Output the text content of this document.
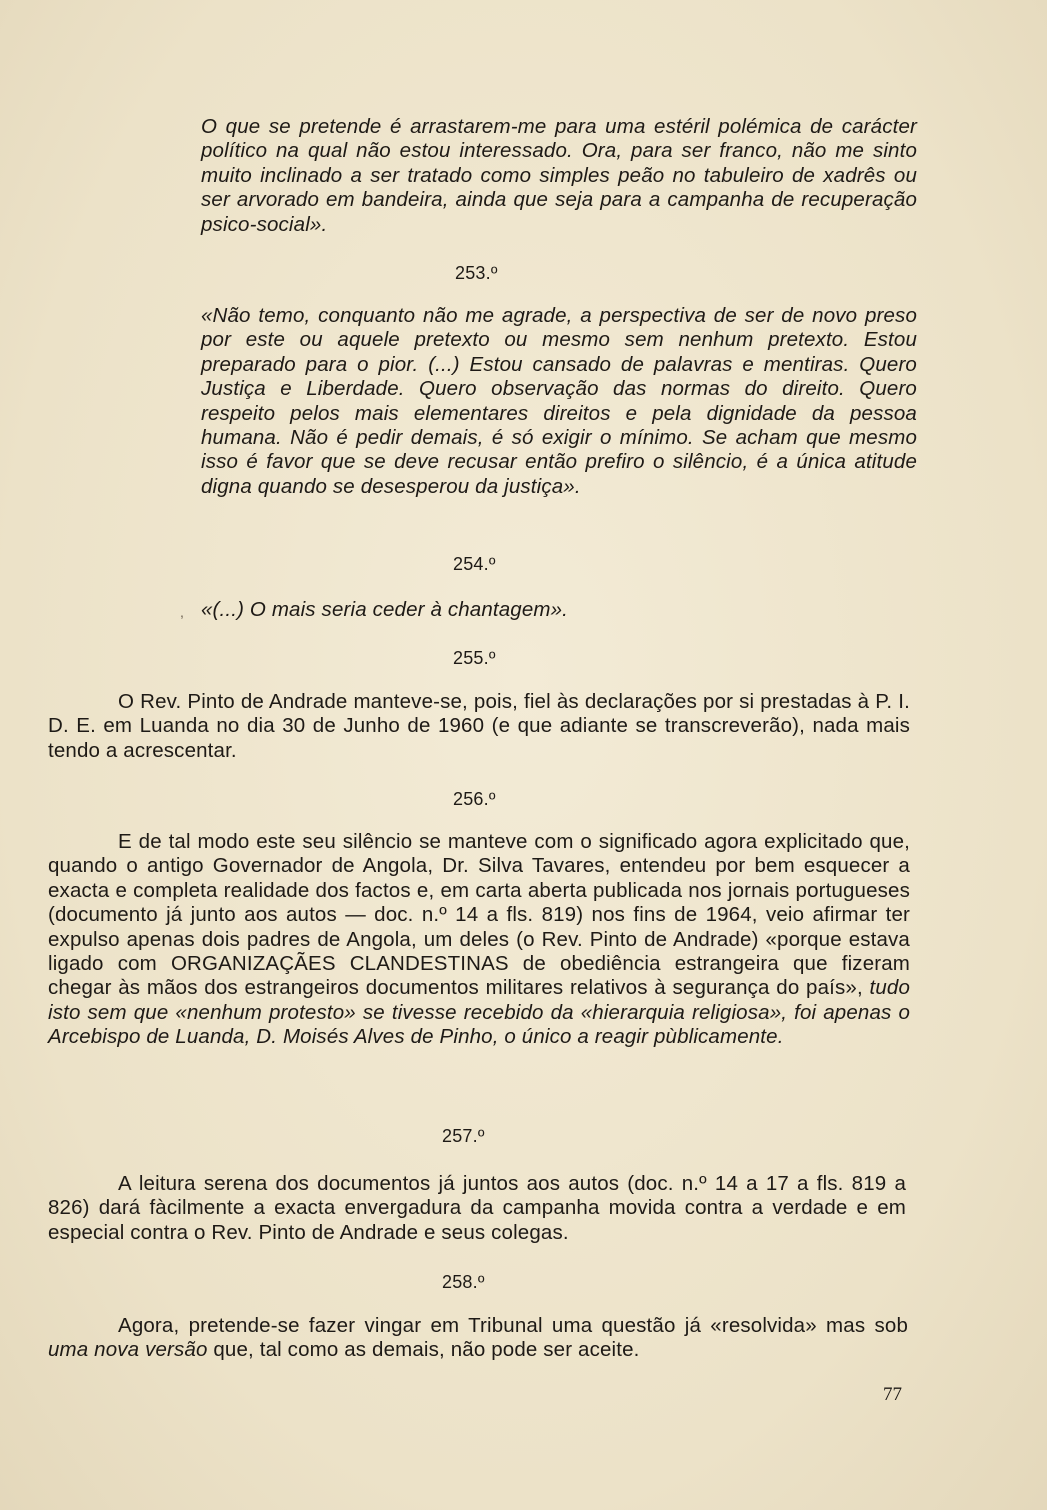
O que se pretende é arrastarem-me para uma estéril polémica de carácter político na qual não estou interessado. Ora, para ser franco, não me sinto muito inclinado a ser tratado como simples peão no tabuleiro de xadrês ou ser arvorado em bandeira, ainda que seja para a campanha de recuperação psico-social».

253.º

«Não temo, conquanto não me agrade, a perspectiva de ser de novo preso por este ou aquele pretexto ou mesmo sem nenhum pretexto. Estou preparado para o pior. (...) Estou cansado de palavras e mentiras. Quero Justiça e Liberdade. Quero observação das normas do direito. Quero respeito pelos mais elementares direitos e pela dignidade da pessoa humana. Não é pedir demais, é só exigir o mínimo. Se acham que mesmo isso é favor que se deve recusar então prefiro o silêncio, é a única atitude digna quando se desesperou da justiça».

254.º
, «(...) O mais seria ceder à chantagem».

255.º

O Rev. Pinto de Andrade manteve-se, pois, fiel às declarações por si prestadas à P. I. D. E. em Luanda no dia 30 de Junho de 1960 (e que adiante se transcreverão), nada mais tendo a acrescentar.

256.º

E de tal modo este seu silêncio se manteve com o significado agora explicitado que, quando o antigo Governador de Angola, Dr. Silva Tavares, entendeu por bem esquecer a exacta e completa realidade dos factos e, em carta aberta publicada nos jornais portugueses (documento já junto aos autos — doc. n.º 14 a fls. 819) nos fins de 1964, veio afirmar ter expulso apenas dois padres de Angola, um deles (o Rev. Pinto de Andrade) «porque estava ligado com ORGANIZAÇÃES CLANDESTINAS de obediência estrangeira que fizeram chegar às mãos dos estrangeiros documentos militares relativos à segurança do país», tudo isto sem que «nenhum protesto» se tivesse recebido da «hierarquia religiosa», foi apenas o Arcebispo de Luanda, D. Moisés Alves de Pinho, o único a reagir pùblicamente.

257.º

A leitura serena dos documentos já juntos aos autos (doc. n.º 14 a 17 a fls. 819 a 826) dará fàcilmente a exacta envergadura da campanha movida contra a verdade e em especial contra o Rev. Pinto de Andrade e seus colegas.

258.º

Agora, pretende-se fazer vingar em Tribunal uma questão já «resolvida» mas sob uma nova versão que, tal como as demais, não pode ser aceite.

77
